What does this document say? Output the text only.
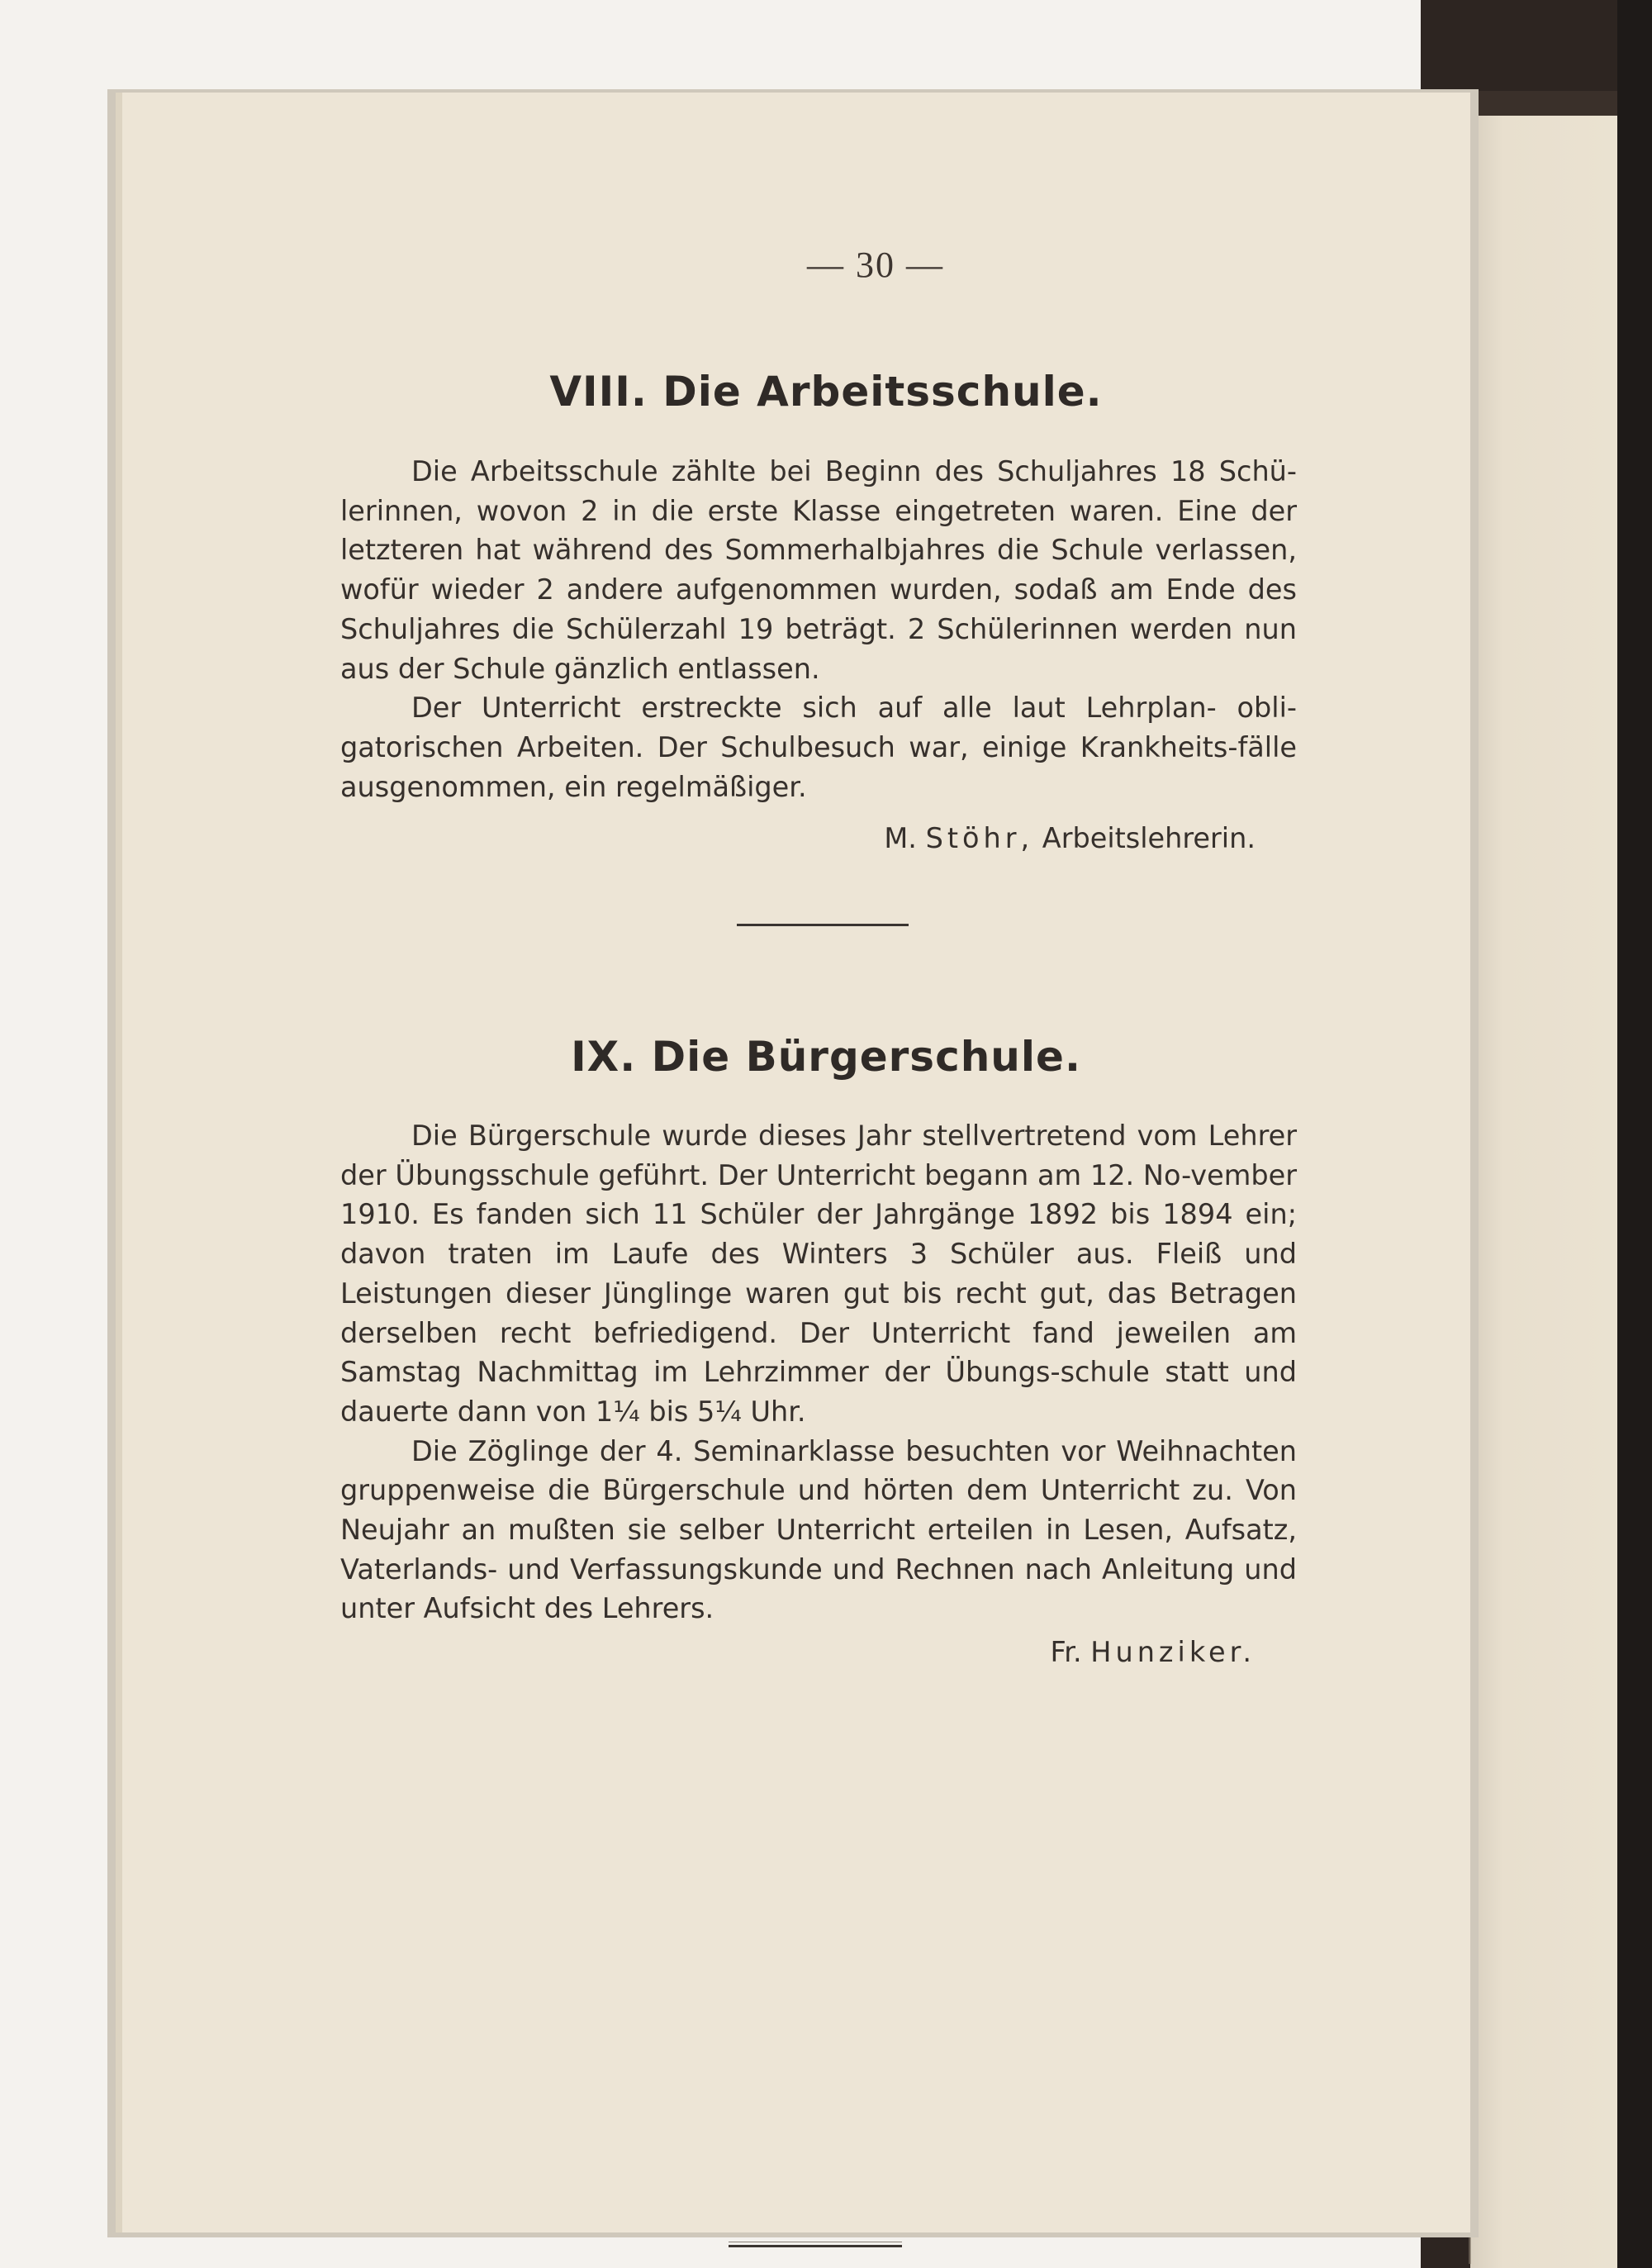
— 30 —
VIII. Die Arbeitsschule.

Die Arbeitsschule zählte bei Beginn des Schuljahres 18 Schü-lerinnen, wovon 2 in die erste Klasse eingetreten waren. Eine der letzteren hat während des Sommerhalbjahres die Schule verlassen, wofür wieder 2 andere aufgenommen wurden, sodaß am Ende des Schuljahres die Schülerzahl 19 beträgt. 2 Schülerinnen werden nun aus der Schule gänzlich entlassen.

Der Unterricht erstreckte sich auf alle laut Lehrplan- obli-gatorischen Arbeiten. Der Schulbesuch war, einige Krankheits-fälle ausgenommen, ein regelmäßiger.

M. Stöhr, Arbeitslehrerin.
IX. Die Bürgerschule.

Die Bürgerschule wurde dieses Jahr stellvertretend vom Lehrer der Übungsschule geführt. Der Unterricht begann am 12. No-vember 1910. Es fanden sich 11 Schüler der Jahrgänge 1892 bis 1894 ein; davon traten im Laufe des Winters 3 Schüler aus. Fleiß und Leistungen dieser Jünglinge waren gut bis recht gut, das Betragen derselben recht befriedigend. Der Unterricht fand jeweilen am Samstag Nachmittag im Lehrzimmer der Übungs-schule statt und dauerte dann von 1¼ bis 5¼ Uhr.

Die Zöglinge der 4. Seminarklasse besuchten vor Weihnachten gruppenweise die Bürgerschule und hörten dem Unterricht zu. Von Neujahr an mußten sie selber Unterricht erteilen in Lesen, Aufsatz, Vaterlands- und Verfassungskunde und Rechnen nach Anleitung und unter Aufsicht des Lehrers.

Fr. Hunziker.
